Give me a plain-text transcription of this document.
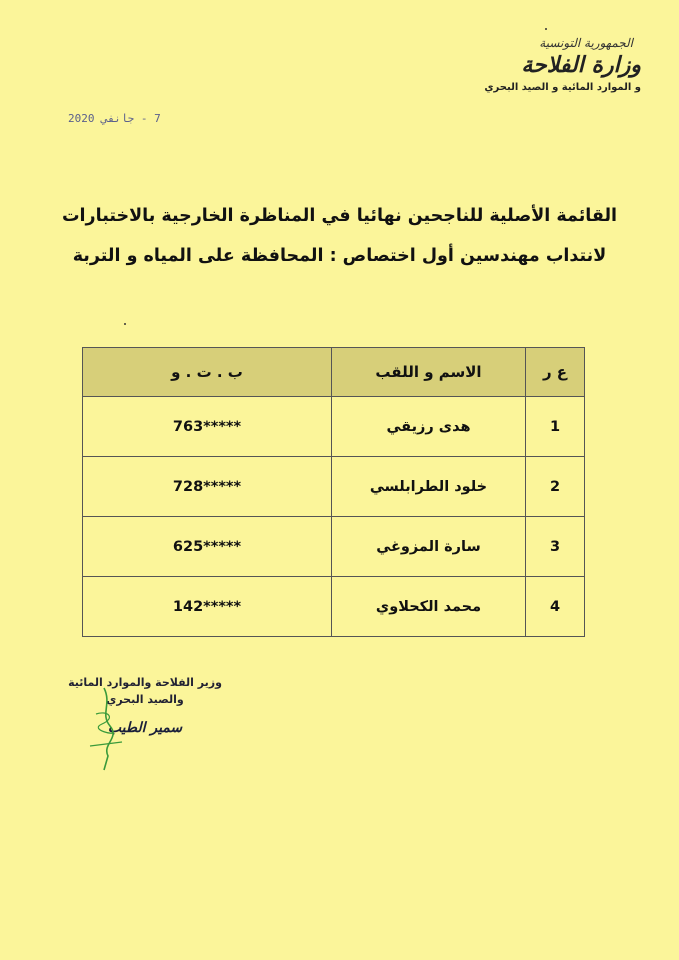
الجمهورية التونسية
وزارة الفلاحة
و الموارد المائية و الصيد البحري
7 - جانفي 2020
القائمة الأصلية للناجحين نهائيا في المناظرة الخارجية بالاختبارات
لانتداب مهندسين أول اختصاص : المحافظة على المياه و التربة
ع ر	الاسم و اللقب	ب . ت . و
1	هدى رزيقي	763*****
2	خلود الطرابلسي	728*****
3	سارة المزوغي	625*****
4	محمد الكحلاوي	142*****
وزير الفلاحة والموارد المائية
والصيد البحري
سمير الطيب
